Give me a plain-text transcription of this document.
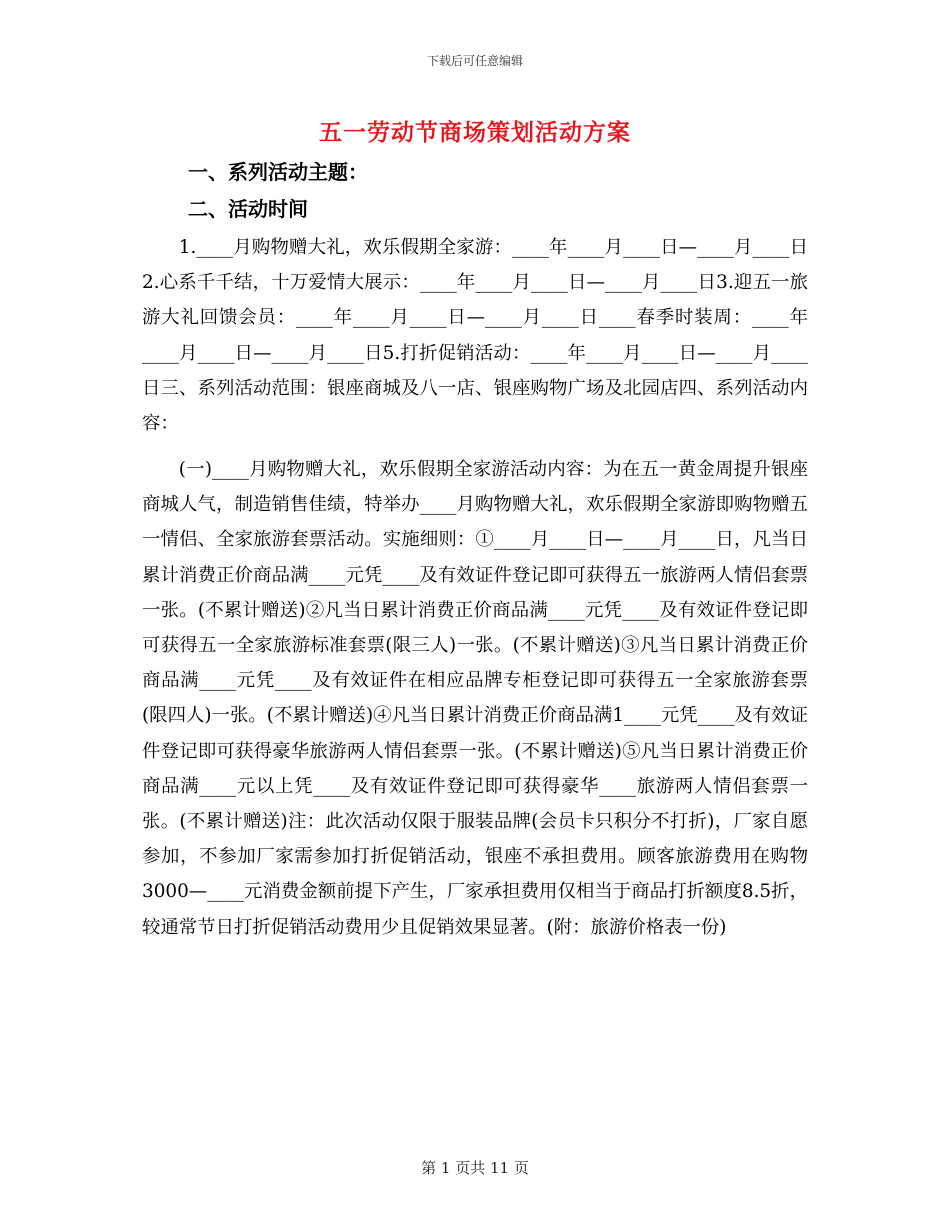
下载后可任意编辑
五一劳动节商场策划活动方案
一、系列活动主题：
二、活动时间

1.____月购物赠大礼，欢乐假期全家游：____年____月____日—____月____日2.心系千千结，十万爱情大展示：____年____月____日—____月____日3.迎五一旅游大礼回馈会员：____年____月____日—____月____日____春季时装周：____年____月____日—____月____日5.打折促销活动：____年____月____日—____月____日三、系列活动范围：银座商城及八一店、银座购物广场及北园店四、系列活动内容：

(一)____月购物赠大礼，欢乐假期全家游活动内容：为在五一黄金周提升银座商城人气，制造销售佳绩，特举办____月购物赠大礼，欢乐假期全家游即购物赠五一情侣、全家旅游套票活动。实施细则：①____月____日—____月____日，凡当日累计消费正价商品满____元凭____及有效证件登记即可获得五一旅游两人情侣套票一张。(不累计赠送)②凡当日累计消费正价商品满____元凭____及有效证件登记即可获得五一全家旅游标准套票(限三人)一张。(不累计赠送)③凡当日累计消费正价商品满____元凭____及有效证件在相应品牌专柜登记即可获得五一全家旅游套票(限四人)一张。(不累计赠送)④凡当日累计消费正价商品满1____元凭____及有效证件登记即可获得豪华旅游两人情侣套票一张。(不累计赠送)⑤凡当日累计消费正价商品满____元以上凭____及有效证件登记即可获得豪华____旅游两人情侣套票一张。(不累计赠送)注：此次活动仅限于服装品牌(会员卡只积分不打折)，厂家自愿参加，不参加厂家需参加打折促销活动，银座不承担费用。顾客旅游费用在购物3000—____元消费金额前提下产生，厂家承担费用仅相当于商品打折额度8.5折，较通常节日打折促销活动费用少且促销效果显著。(附：旅游价格表一份)

第 1 页共 11 页
